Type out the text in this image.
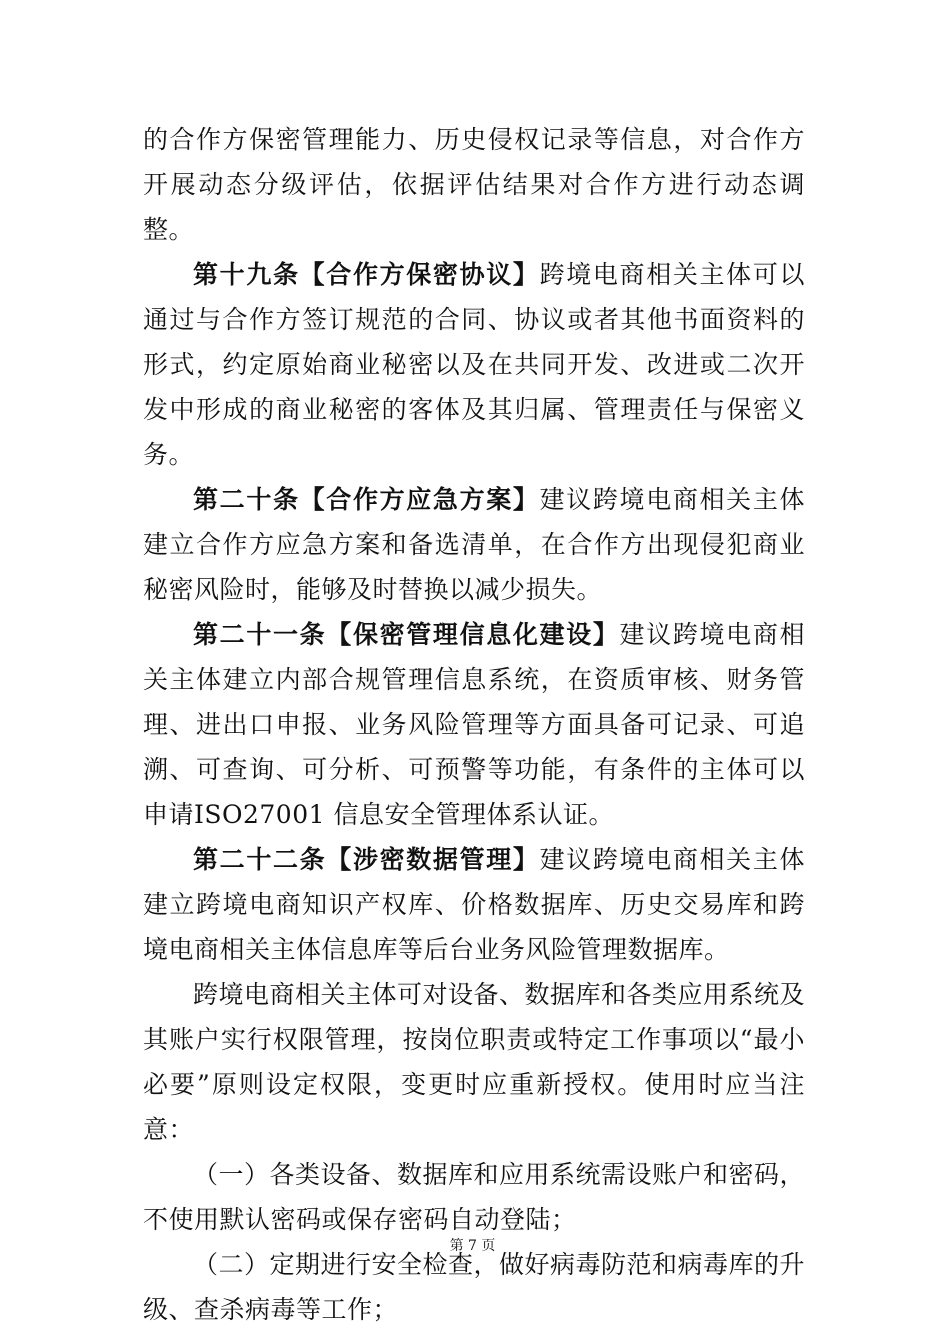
的合作方保密管理能力、历史侵权记录等信息，对合作方开展动态分级评估，依据评估结果对合作方进行动态调整。

第十九条【合作方保密协议】跨境电商相关主体可以通过与合作方签订规范的合同、协议或者其他书面资料的形式，约定原始商业秘密以及在共同开发、改进或二次开发中形成的商业秘密的客体及其归属、管理责任与保密义务。

第二十条【合作方应急方案】建议跨境电商相关主体建立合作方应急方案和备选清单，在合作方出现侵犯商业秘密风险时，能够及时替换以减少损失。

第二十一条【保密管理信息化建设】建议跨境电商相关主体建立内部合规管理信息系统，在资质审核、财务管理、进出口申报、业务风险管理等方面具备可记录、可追溯、可查询、可分析、可预警等功能，有条件的主体可以申请ISO27001 信息安全管理体系认证。

第二十二条【涉密数据管理】建议跨境电商相关主体建立跨境电商知识产权库、价格数据库、历史交易库和跨境电商相关主体信息库等后台业务风险管理数据库。

跨境电商相关主体可对设备、数据库和各类应用系统及其账户实行权限管理，按岗位职责或特定工作事项以“最小必要”原则设定权限，变更时应重新授权。使用时应当注意：

（一）各类设备、数据库和应用系统需设账户和密码，不使用默认密码或保存密码自动登陆；

（二）定期进行安全检查，做好病毒防范和病毒库的升级、查杀病毒等工作；

第 7 页
